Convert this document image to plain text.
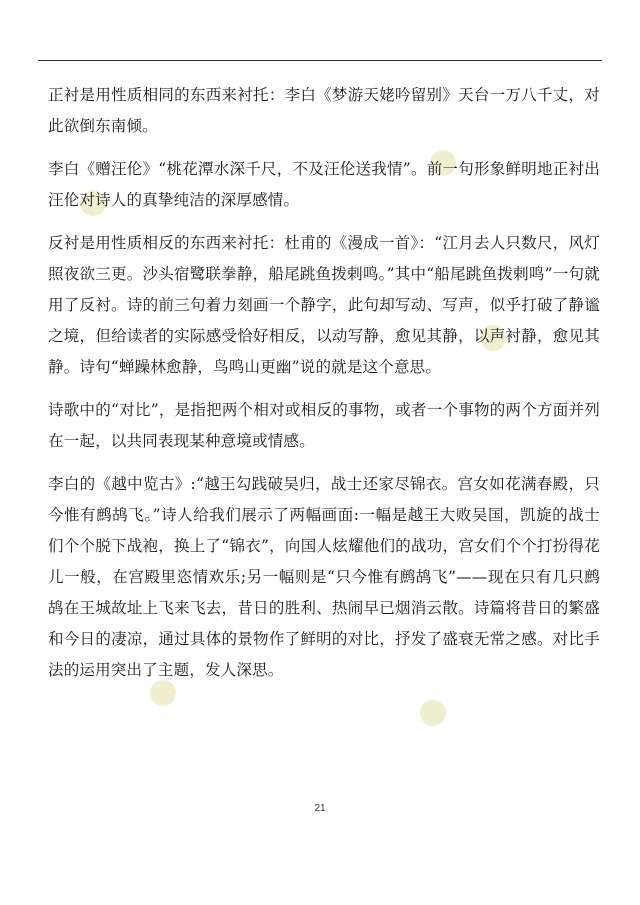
正衬是用性质相同的东西来衬托：李白《梦游天姥吟留别》天台一万八千丈，对此欲倒东南倾。

李白《赠汪伦》“桃花潭水深千尺，不及汪伦送我情”。前一句形象鲜明地正衬出汪伦对诗人的真挚纯洁的深厚感情。

反衬是用性质相反的东西来衬托：杜甫的《漫成一首》：“江月去人只数尺，风灯照夜欲三更。沙头宿鹭联拳静，船尾跳鱼拨剌鸣。”其中“船尾跳鱼拨剌鸣”一句就用了反衬。诗的前三句着力刻画一个静字，此句却写动、写声，似乎打破了静谧之境，但给读者的实际感受恰好相反，以动写静，愈见其静，以声衬静，愈见其静。诗句“蝉躁林愈静，鸟鸣山更幽”说的就是这个意思。

诗歌中的“对比”，是指把两个相对或相反的事物，或者一个事物的两个方面并列在一起，以共同表现某种意境或情感。

李白的《越中览古》:“越王勾践破吴归，战士还家尽锦衣。宫女如花满春殿，只今惟有鹧鸪飞。”诗人给我们展示了两幅画面:一幅是越王大败吴国，凯旋的战士们个个脱下战袍，换上了“锦衣”，向国人炫耀他们的战功，宫女们个个打扮得花儿一般，在宫殿里恣情欢乐;另一幅则是“只今惟有鹧鸪飞”——现在只有几只鹧鸪在王城故址上飞来飞去，昔日的胜利、热闹早已烟消云散。诗篇将昔日的繁盛和今日的凄凉，通过具体的景物作了鲜明的对比，抒发了盛衰无常之感。对比手法的运用突出了主题，发人深思。

21
